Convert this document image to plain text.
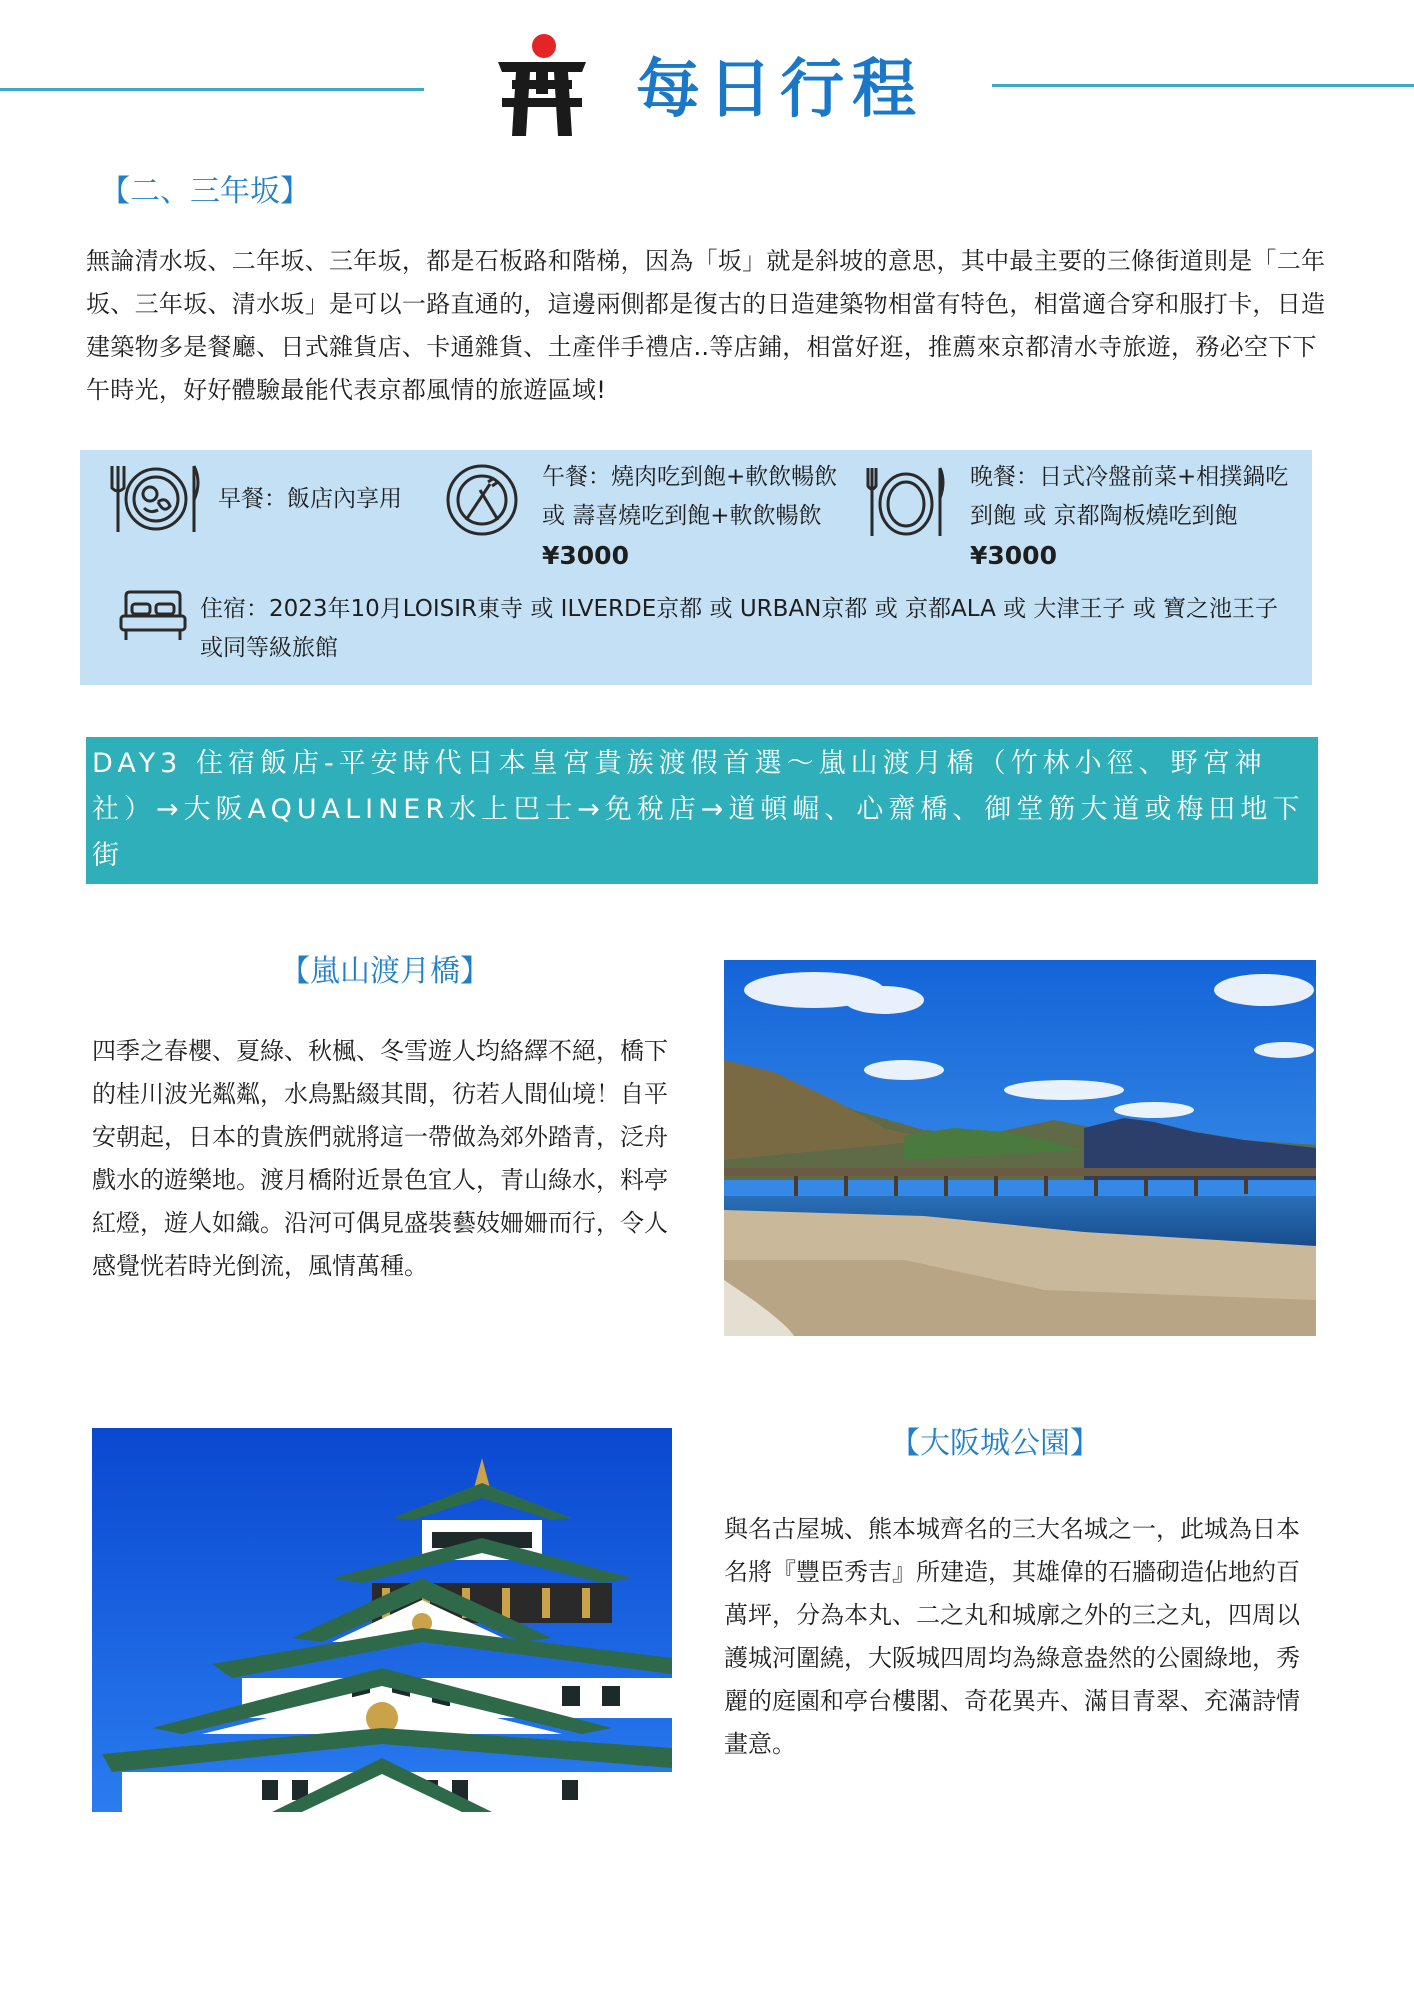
每日行程
【二、三年坂】
無論清水坂、二年坂、三年坂，都是石板路和階梯，因為「坂」就是斜坡的意思，其中最主要的三條街道則是「二年坂、三年坂、清水坂」是可以一路直通的，這邊兩側都是復古的日造建築物相當有特色，相當適合穿和服打卡，日造建築物多是餐廳、日式雜貨店、卡通雜貨、土產伴手禮店..等店鋪，相當好逛，推薦來京都清水寺旅遊，務必空下下午時光，好好體驗最能代表京都風情的旅遊區域!
早餐：飯店內享用
午餐：燒肉吃到飽+軟飲暢飲 或 壽喜燒吃到飽+軟飲暢飲
¥3000
晚餐：日式冷盤前菜+相撲鍋吃到飽 或 京都陶板燒吃到飽
¥3000
住宿：2023年10月LOISIR東寺 或 ILVERDE京都 或 URBAN京都 或 京都ALA 或 大津王子 或 寶之池王子 或同等級旅館
DAY3 住宿飯店-平安時代日本皇宮貴族渡假首選～嵐山渡月橋（竹林小徑、野宮神社）→大阪AQUALINER水上巴士→免稅店→道頓崛、心齋橋、御堂筋大道或梅田地下街
【嵐山渡月橋】
四季之春櫻、夏綠、秋楓、冬雪遊人均絡繹不絕，橋下的桂川波光粼粼，水鳥點綴其間，彷若人間仙境！自平安朝起，日本的貴族們就將這一帶做為郊外踏青，泛舟戲水的遊樂地。渡月橋附近景色宜人，青山綠水，料亭紅燈，遊人如織。沿河可偶見盛裝藝妓姍姍而行，令人感覺恍若時光倒流，風情萬種。
【大阪城公園】
與名古屋城、熊本城齊名的三大名城之一，此城為日本名將『豐臣秀吉』所建造，其雄偉的石牆砌造佔地約百萬坪，分為本丸、二之丸和城廓之外的三之丸，四周以護城河圍繞，大阪城四周均為綠意盎然的公園綠地，秀麗的庭園和亭台樓閣、奇花異卉、滿目青翠、充滿詩情畫意。
